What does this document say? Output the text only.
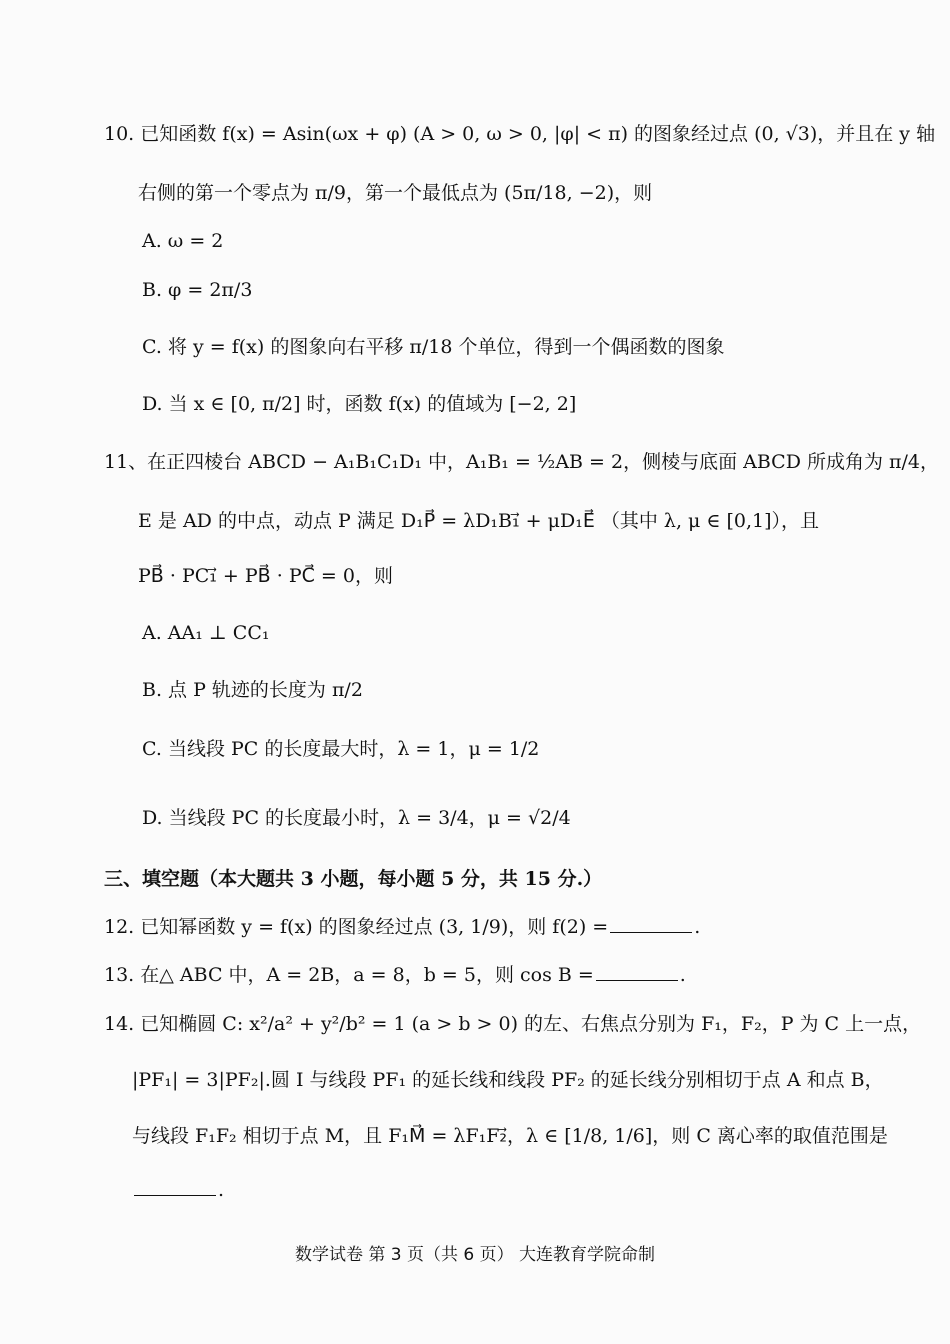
10. 已知函数 f(x) = Asin(ωx + φ) (A > 0, ω > 0, |φ| < π) 的图象经过点 (0, √3)，并且在 y 轴
右侧的第一个零点为 π/9，第一个最低点为 (5π/18, −2)，则
A. ω = 2
B. φ = 2π/3
C. 将 y = f(x) 的图象向右平移 π/18 个单位，得到一个偶函数的图象
D. 当 x ∈ [0, π/2] 时，函数 f(x) 的值域为 [−2, 2]
11、在正四棱台 ABCD − A₁B₁C₁D₁ 中，A₁B₁ = ½AB = 2，侧棱与底面 ABCD 所成角为 π/4，
E 是 AD 的中点，动点 P 满足 D₁P⃗ = λD₁B₁⃗ + μD₁E⃗ （其中 λ, μ ∈ [0,1]），且
PB⃗ · PC₁⃗ + PB⃗ · PC⃗ = 0，则
A. AA₁ ⊥ CC₁
B. 点 P 轨迹的长度为 π/2
C. 当线段 PC 的长度最大时，λ = 1，μ = 1/2
D. 当线段 PC 的长度最小时，λ = 3/4，μ = √2/4
三、填空题（本大题共 3 小题，每小题 5 分，共 15 分.）
12. 已知幂函数 y = f(x) 的图象经过点 (3, 1/9)，则 f(2) =	.
13. 在△ ABC 中，A = 2B，a = 8，b = 5，则 cos B =	.
14. 已知椭圆 C: x²/a² + y²/b² = 1 (a > b > 0) 的左、右焦点分别为 F₁，F₂，P 为 C 上一点，
|PF₁| = 3|PF₂|.圆 I 与线段 PF₁ 的延长线和线段 PF₂ 的延长线分别相切于点 A 和点 B，
与线段 F₁F₂ 相切于点 M，且 F₁M⃗ = λF₁F₂⃗，λ ∈ [1/8, 1/6]，则 C 离心率的取值范围是
.
数学试卷 第 3 页（共 6 页） 大连教育学院命制
